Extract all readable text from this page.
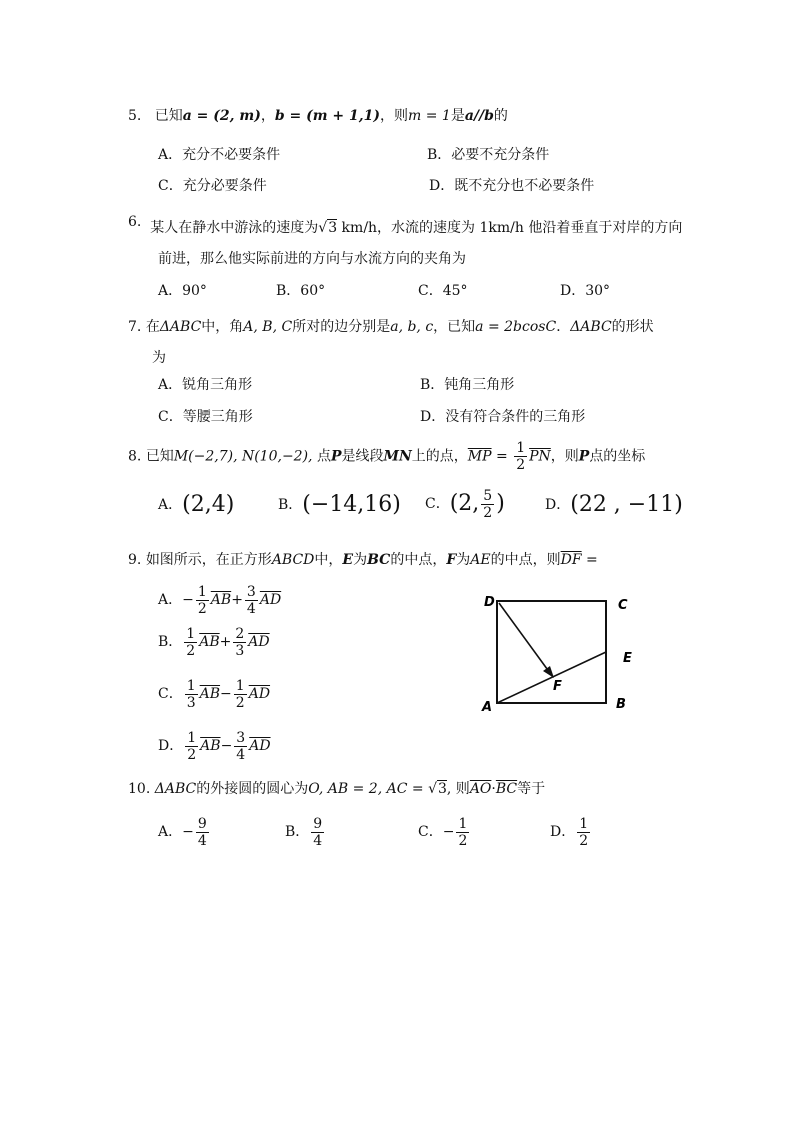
5. 已知a = (2, m)，b = (m + 1,1)，则m = 1是a//b的
A．充分不必要条件	B．必要不充分条件
C．充分必要条件	D．既不充分也不必要条件
6. 某人在静水中游泳的速度为√3 km/h，水流的速度为 1km/h 他沿着垂直于对岸的方向
前进，那么他实际前进的方向与水流方向的夹角为
A．90°	B．60°	C．45°	D．30°
7. 在ΔABC中，角A, B, C所对的边分别是a, b, c，已知a = 2bcosC．ΔABC的形状
为
A．锐角三角形	B．钝角三角形
C．等腰三角形	D．没有符合条件的三角形
8. 已知M(−2,7), N(10,−2), 点P是线段MN上的点，$\overline{MP} = \frac{1}{2} \overline{PN}$，则P点的坐标
A．(2,4)	B．(−14,16) C．(2, $\frac{5}{2}$ )	D．(22 , −11)
9. 如图所示，在正方形ABCD中，E为BC的中点，F为AE的中点，则$\overline{DF}$ =
A．− $\frac{1}{2} \overline{AB}+ \frac{3}{4} \overline{AD}$
B． $\frac{1}{2} \overline{AB}+ \frac{2}{3} \overline{AD}$
C． $\frac{1}{3} \overline{AB}- \frac{1}{2} \overline{AD}$
D． $\frac{1}{2} \overline{AB}- \frac{3}{4} \overline{AD}$
D	C
E
F
A	B
10. ΔABC的外接圆的圆心为O, AB = 2, AC = √3, 则$\overline{AO}\cdot\overline{BC}$等于
A．− $\frac{9}{4}$	B． $\frac{9}{4}$	C．− $\frac{1}{2}$	D． $\frac{1}{2}$
